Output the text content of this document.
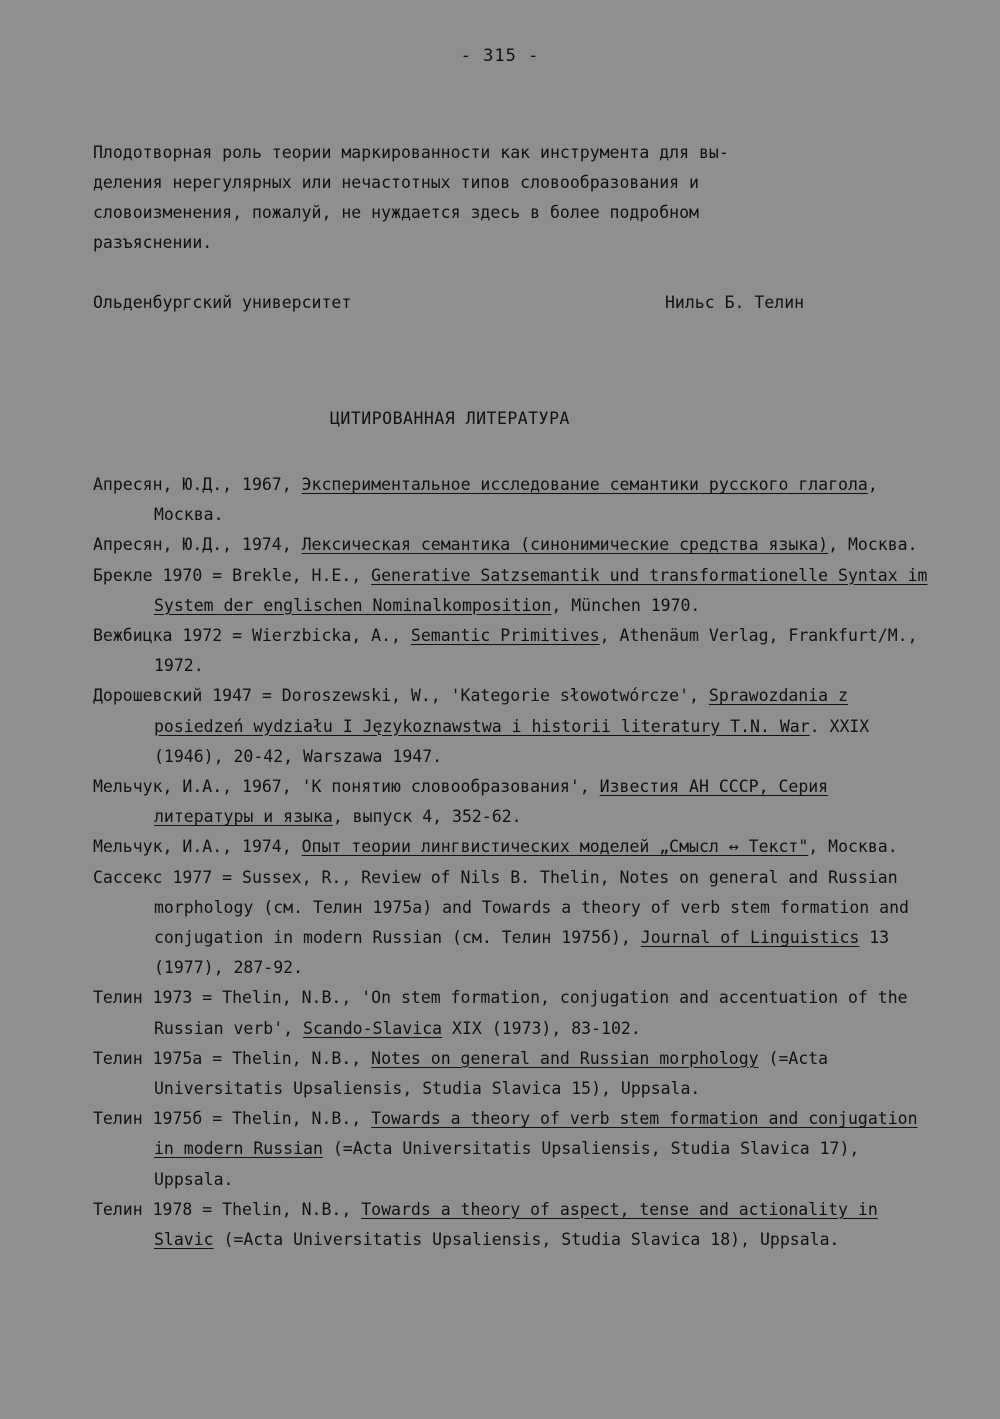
- 315 -

Плодотворная роль теории маркированности как инструмента для вы-

деления нерегулярных или нечастотных типов словообразования и

словоизменения, пожалуй, не нуждается здесь в более подробном

разъяснении.

Ольденбургский университет	Нильс Б. Телин
ЦИТИРОВАННАЯ ЛИТЕРАТУРА

Апресян, Ю.Д., 1967, Экспериментальное исследование семантики русского глагола, Москва.

Апресян, Ю.Д., 1974, Лексическая семантика (синонимические средства языка), Москва.

Брекле 1970 = Brekle, H.E., Generative Satzsemantik und transformationelle Syntax im System der englischen Nominalkomposition, München 1970.

Вежбицка 1972 = Wierzbicka, A., Semantic Primitives, Athenäum Verlag, Frankfurt/M., 1972.

Дорошевский 1947 = Doroszewski, W., 'Kategorie słowotwórcze', Sprawozdania z posiedzeń wydziału I Językoznawstwa i historii literatury T.N. War. XXIX (1946), 20-42, Warszawa 1947.

Мельчук, И.А., 1967, 'К понятию словообразования', Известия АН СССР, Серия литературы и языка, выпуск 4, 352-62.

Мельчук, И.А., 1974, Опыт теории лингвистических моделей „Смысл ↔ Текст", Москва.

Сассекс 1977 = Sussex, R., Review of Nils B. Thelin, Notes on general and Russian morphology (см. Телин 1975a) and Towards a theory of verb stem formation and conjugation in modern Russian (см. Телин 1975б), Journal of Linguistics 13 (1977), 287-92.

Телин 1973 = Thelin, N.B., 'On stem formation, conjugation and accentuation of the Russian verb', Scando-Slavica XIX (1973), 83-102.

Телин 1975a = Thelin, N.B., Notes on general and Russian morphology (=Acta Universitatis Upsaliensis, Studia Slavica 15), Uppsala.

Телин 1975б = Thelin, N.B., Towards a theory of verb stem formation and conjugation in modern Russian (=Acta Universitatis Upsaliensis, Studia Slavica 17), Uppsala.

Телин 1978 = Thelin, N.B., Towards a theory of aspect, tense and actionality in Slavic (=Acta Universitatis Upsaliensis, Studia Slavica 18), Uppsala.
